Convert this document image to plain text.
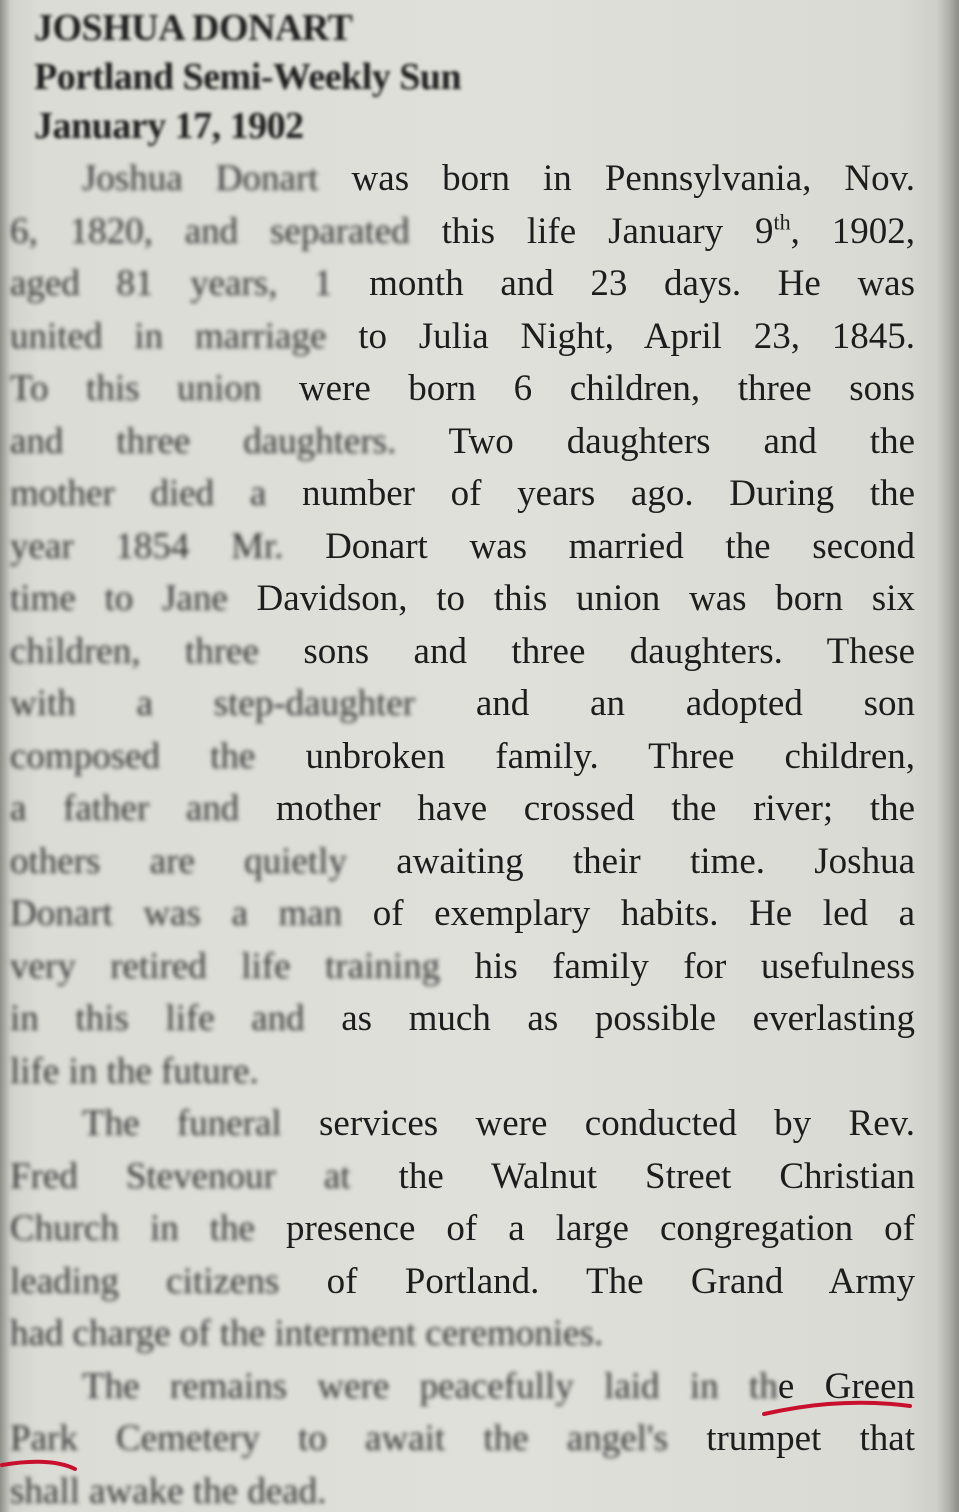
JOSHUA DONART
Portland Semi-Weekly Sun
January 17, 1902
Joshua Donart was born in Pennsylvania, Nov.
6, 1820, and separated this life January 9th, 1902,
aged 81 years, 1 month and 23 days. He was
united in marriage to Julia Night, April 23, 1845.
To this union were born 6 children, three sons
and three daughters. Two daughters and the
mother died a number of years ago. During the
year 1854 Mr. Donart was married the second
time to Jane Davidson, to this union was born six
children, three sons and three daughters. These
with a step-daughter and an adopted son
composed the unbroken family. Three children,
a father and mother have crossed the river; the
others are quietly awaiting their time. Joshua
Donart was a man of exemplary habits. He led a
very retired life training his family for usefulness
in this life and as much as possible everlasting
life in the future.
The funeral services were conducted by Rev.
Fred Stevenour at the Walnut Street Christian
Church in the presence of a large congregation of
leading citizens of Portland. The Grand Army
had charge of the interment ceremonies.
The remains were peacefully laid in the Green
Park Cemetery to await the angel's trumpet that
shall awake the dead.
